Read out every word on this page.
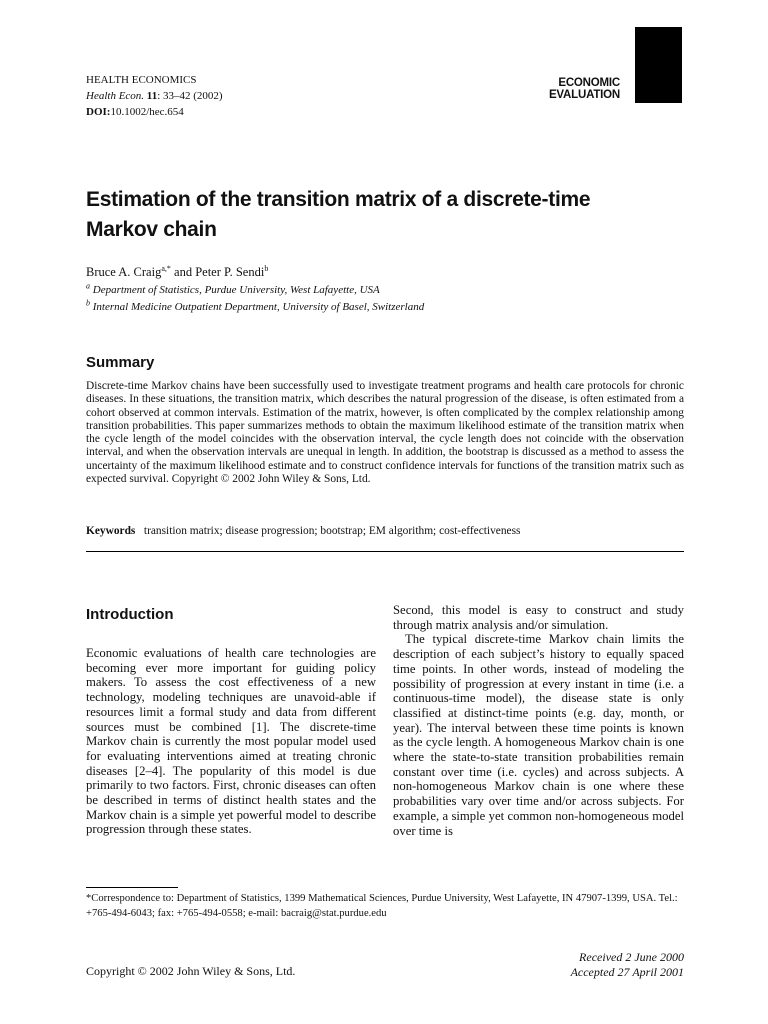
HEALTH ECONOMICS
Health Econ. 11: 33–42 (2002)
DOI:10.1002/hec.654
ECONOMIC EVALUATION
Estimation of the transition matrix of a discrete-time
Markov chain
Bruce A. Craig$^{a,*}$ and Peter P. Sendi$^b$
$^a$ Department of Statistics, Purdue University, West Lafayette, USA
$^b$ Internal Medicine Outpatient Department, University of Basel, Switzerland
Summary

Discrete-time Markov chains have been successfully used to investigate treatment programs and health care protocols for chronic diseases. In these situations, the transition matrix, which describes the natural progression of the disease, is often estimated from a cohort observed at common intervals. Estimation of the matrix, however, is often complicated by the complex relationship among transition probabilities. This paper summarizes methods to obtain the maximum likelihood estimate of the transition matrix when the cycle length of the model coincides with the observation interval, the cycle length does not coincide with the observation interval, and when the observation intervals are unequal in length. In addition, the bootstrap is discussed as a method to assess the uncertainty of the maximum likelihood estimate and to construct confidence intervals for functions of the transition matrix such as expected survival. Copyright © 2002 John Wiley & Sons, Ltd.

Keywords transition matrix; disease progression; bootstrap; EM algorithm; cost-effectiveness
Introduction

Economic evaluations of health care technologies are becoming ever more important for guiding policy makers. To assess the cost effectiveness of a new technology, modeling techniques are unavoid-able if resources limit a formal study and data from different sources must be combined [1]. The discrete-time Markov chain is currently the most popular model used for evaluating interventions aimed at treating chronic diseases [2–4]. The popularity of this model is due primarily to two factors. First, chronic diseases can often be described in terms of distinct health states and the Markov chain is a simple yet powerful model to describe progression through these states.

Second, this model is easy to construct and study through matrix analysis and/or simulation.

The typical discrete-time Markov chain limits the description of each subject’s history to equally spaced time points. In other words, instead of modeling the possibility of progression at every instant in time (i.e. a continuous-time model), the disease state is only classified at distinct-time points (e.g. day, month, or year). The interval between these time points is known as the cycle length. A homogeneous Markov chain is one where the state-to-state transition probabilities remain constant over time (i.e. cycles) and across subjects. A non-homogeneous Markov chain is one where these probabilities vary over time and/or across subjects. For example, a simple yet common non-homogeneous model over time is

*Correspondence to: Department of Statistics, 1399 Mathematical Sciences, Purdue University, West Lafayette, IN 47907-1399, USA. Tel.: +765-494-6043; fax: +765-494-0558; e-mail: bacraig@stat.purdue.edu
Copyright © 2002 John Wiley & Sons, Ltd.
Received 2 June 2000
Accepted 27 April 2001
